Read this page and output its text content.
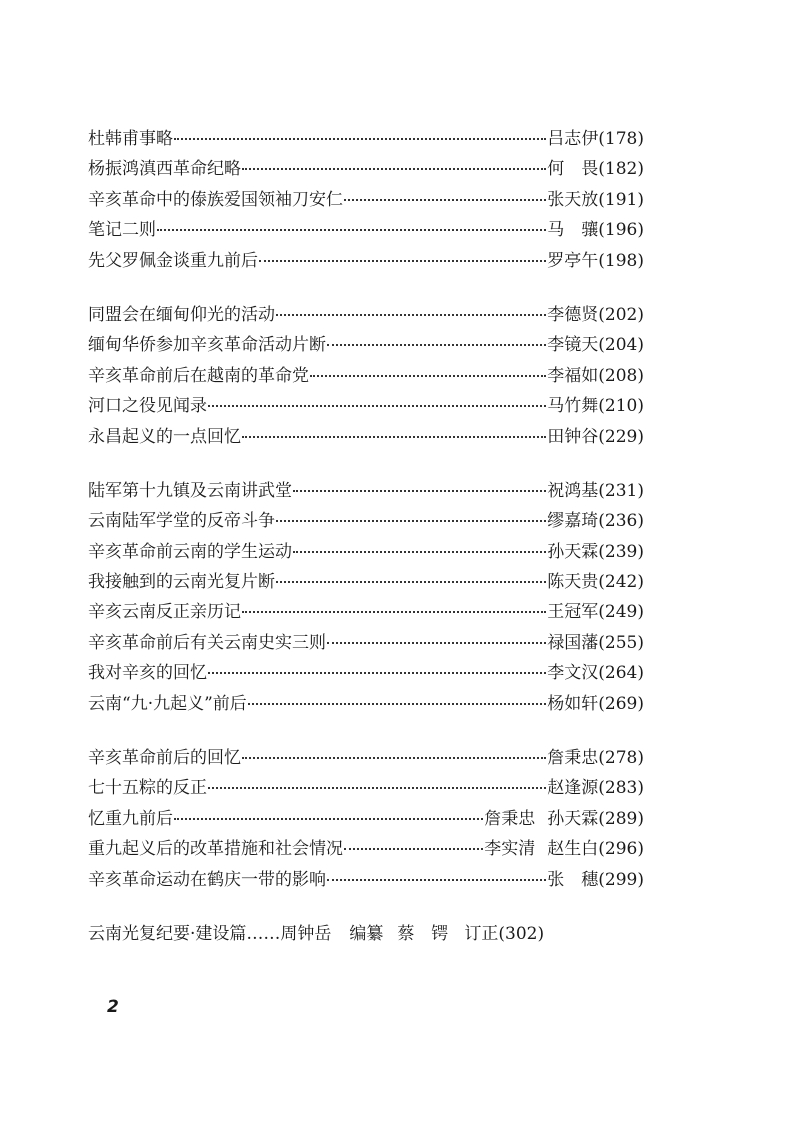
杜韩甫事略	吕志伊 (178)
杨振鸿滇西革命纪略	何　畏 (182)
辛亥革命中的傣族爱国领袖刀安仁	张天放 (191)
笔记二则	马　骧 (196)
先父罗佩金谈重九前后	罗亭午 (198)
同盟会在缅甸仰光的活动	李德贤 (202)
缅甸华侨参加辛亥革命活动片断	李镜天 (204)
辛亥革命前后在越南的革命党	李福如 (208)
河口之役见闻录	马竹舞 (210)
永昌起义的一点回忆	田钟谷 (229)
陆军第十九镇及云南讲武堂	祝鸿基 (231)
云南陆军学堂的反帝斗争	缪嘉琦 (236)
辛亥革命前云南的学生运动	孙天霖 (239)
我接触到的云南光复片断	陈天贵 (242)
辛亥云南反正亲历记	王冠军 (249)
辛亥革命前后有关云南史实三则	禄国藩 (255)
我对辛亥的回忆	李文汉 (264)
云南“九·九起义”前后	杨如轩 (269)
辛亥革命前后的回忆	詹秉忠 (278)
七十五粽的反正	赵逢源 (283)
忆重九前后	詹秉忠 孙天霖 (289)
重九起义后的改革措施和社会情况	李实清 赵生白 (296)
辛亥革命运动在鹤庆一带的影响	张　穗 (299)
云南光复纪要·建设篇 …… 周钟岳 编纂 蔡　锷 订正 (302)
2
